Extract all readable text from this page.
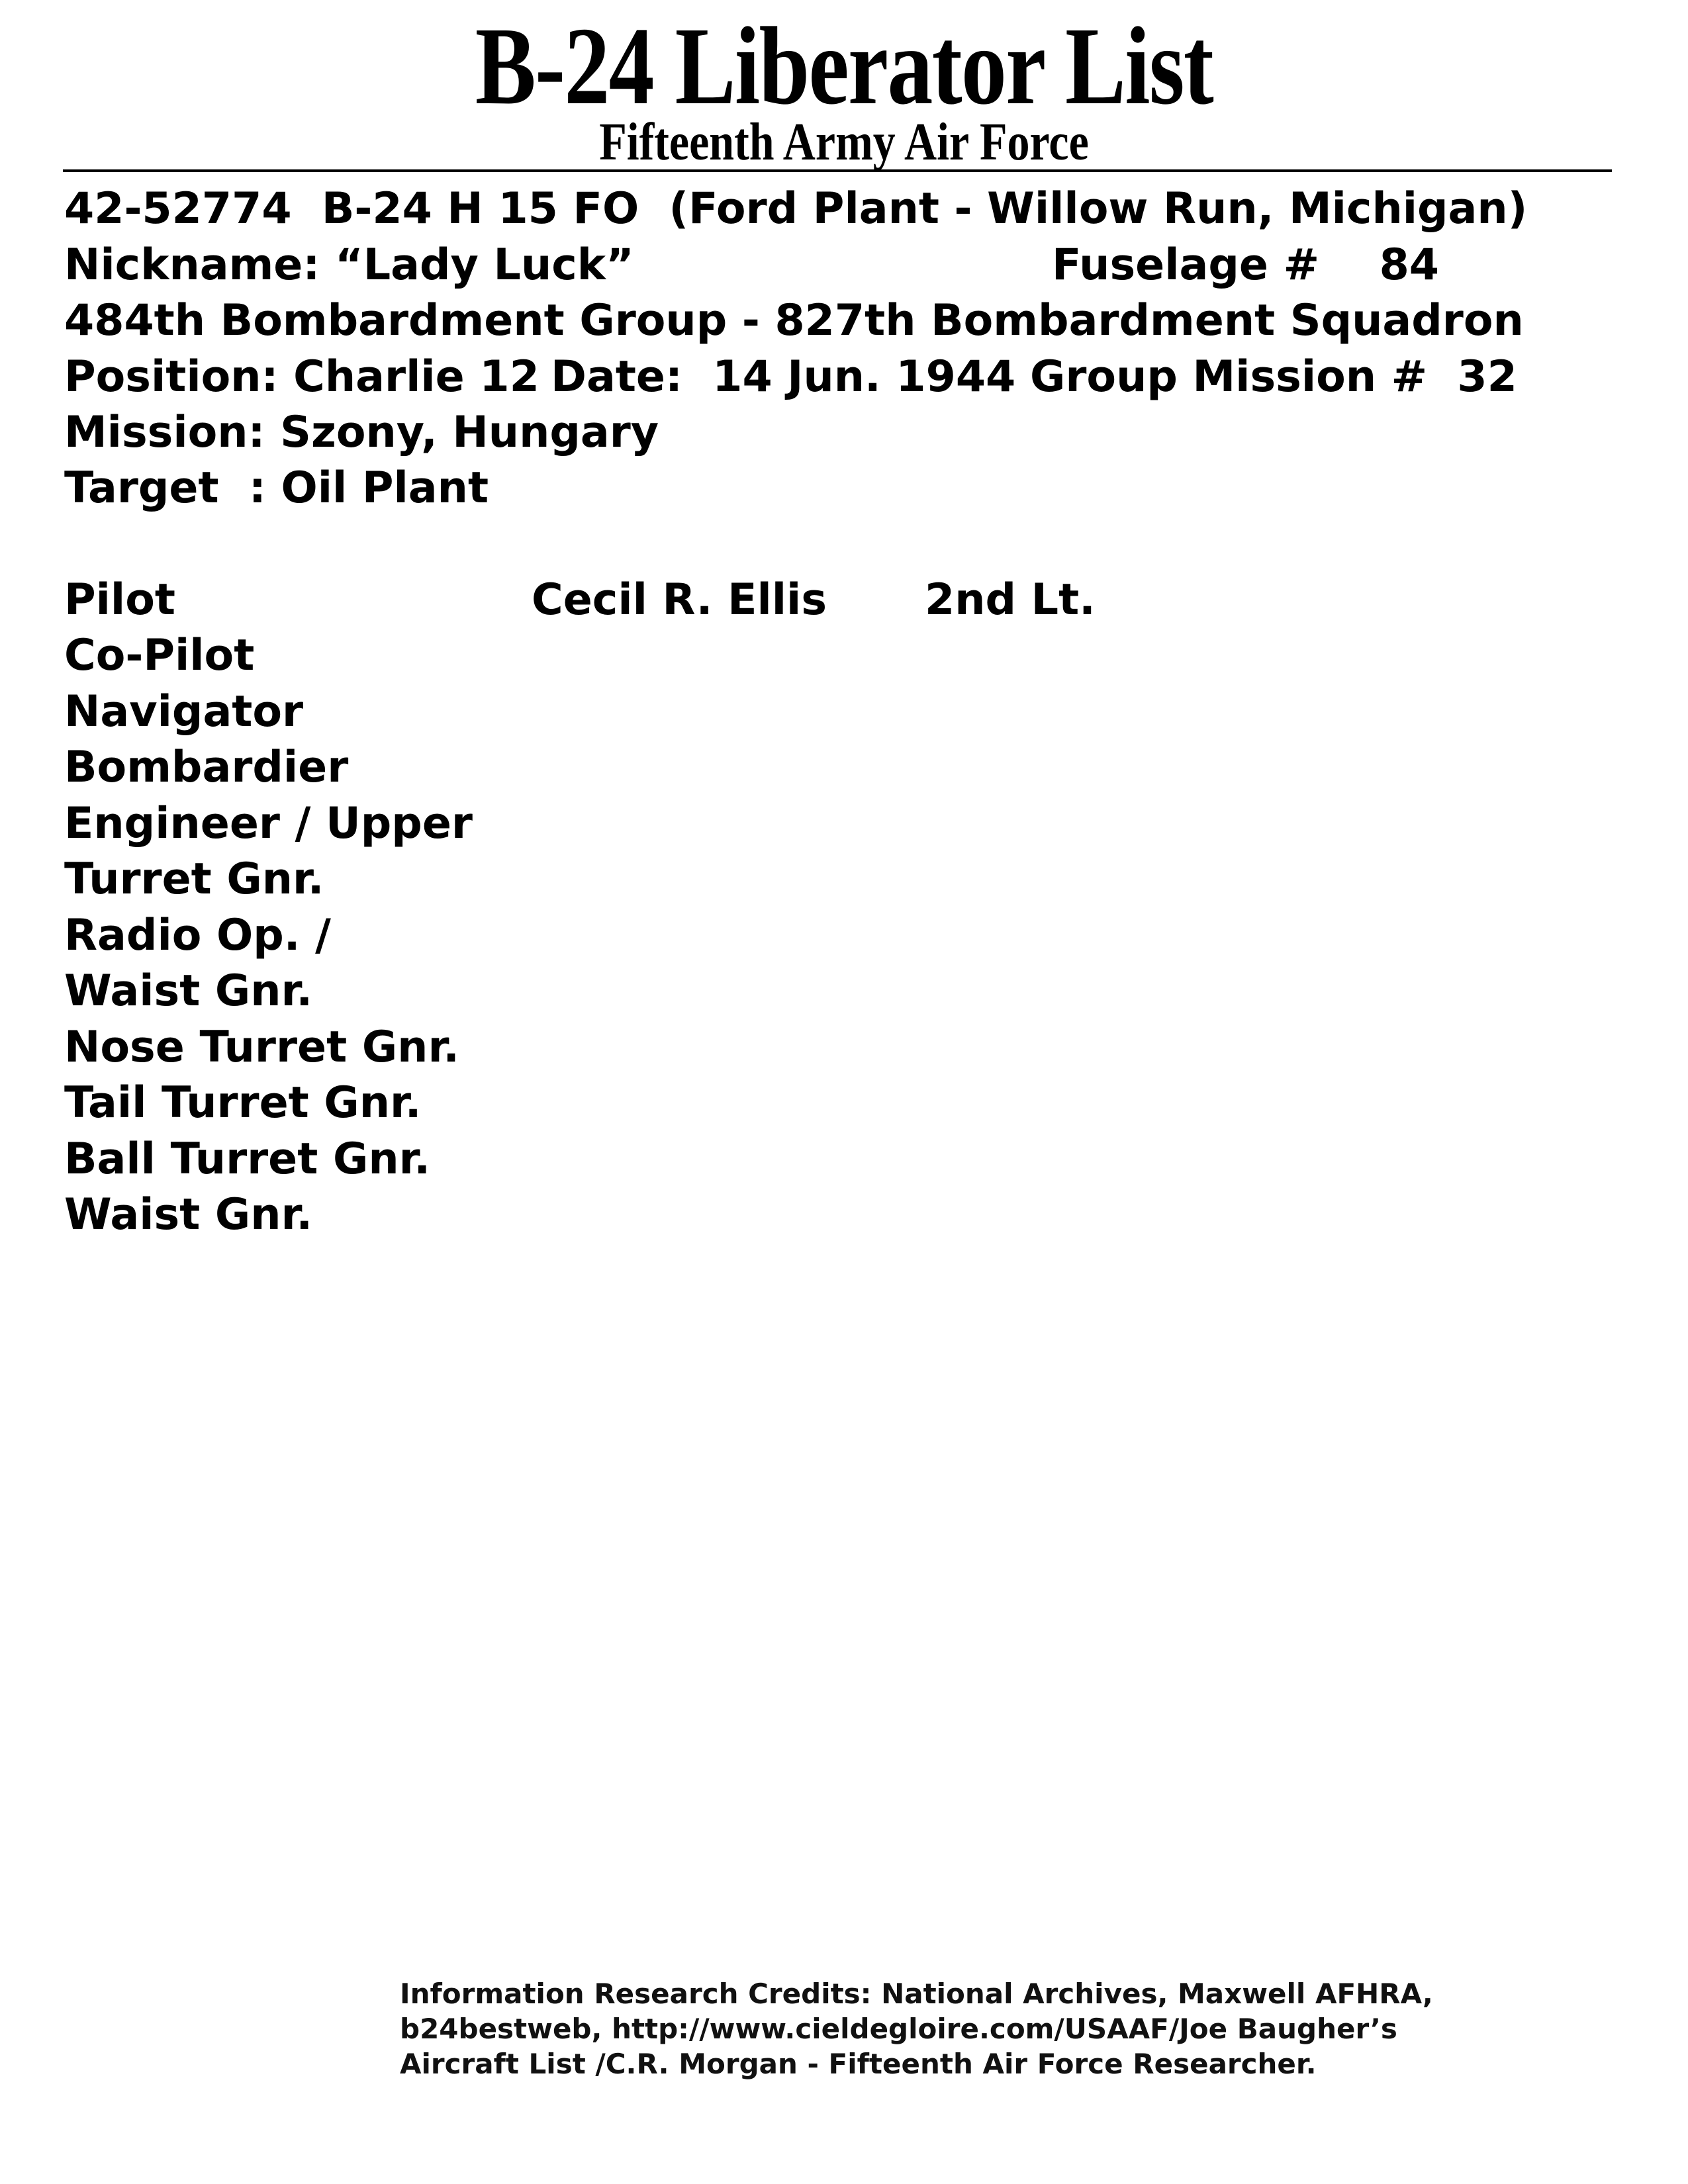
B-24 Liberator List
Fifteenth Army Air Force
42-52774  B-24 H 15 FO  (Ford Plant - Willow Run, Michigan)
Nickname: “Lady Luck”	Fuselage #    84
484th Bombardment Group - 827th Bombardment Squadron
Position: Charlie 12 Date:  14 Jun. 1944 Group Mission #  32
Mission: Szony, Hungary
Target  : Oil Plant
Pilot	Cecil R. Ellis 2nd Lt.
Co-Pilot
Navigator
Bombardier
Engineer / Upper
Turret Gnr.
Radio Op. /
Waist Gnr.
Nose Turret Gnr.
Tail Turret Gnr.
Ball Turret Gnr.
Waist Gnr.
Information Research Credits: National Archives, Maxwell AFHRA,
b24bestweb, http://www.cieldegloire.com/USAAF/Joe Baugher’s
Aircraft List /C.R. Morgan - Fifteenth Air Force Researcher.
